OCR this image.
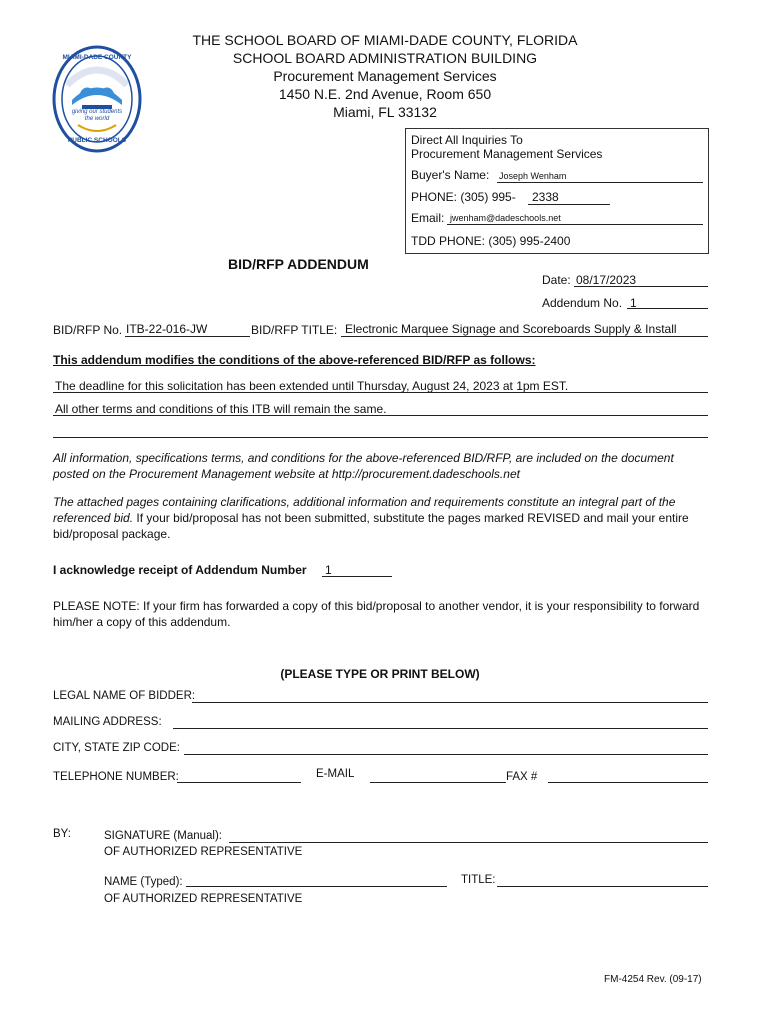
giving our students
the world
MIAMI-DADE COUNTY
PUBLIC SCHOOLS
THE SCHOOL BOARD OF MIAMI-DADE COUNTY, FLORIDA
SCHOOL BOARD ADMINISTRATION BUILDING
Procurement Management Services
1450 N.E. 2nd Avenue, Room 650
Miami, FL 33132
Direct All Inquiries To
Procurement Management Services
Buyer's Name: Joseph Wenham
PHONE: (305) 995- 2338
Email: jwenham@dadeschools.net
TDD PHONE: (305) 995-2400
BID/RFP ADDENDUM
Date: 08/17/2023
Addendum No. 1
BID/RFP No. ITB-22-016-JW	BID/RFP TITLE: Electronic Marquee Signage and Scoreboards Supply & Install
This addendum modifies the conditions of the above-referenced BID/RFP as follows:
The deadline for this solicitation has been extended until Thursday, August 24, 2023 at 1pm EST.
All other terms and conditions of this ITB will remain the same.
All information, specifications terms, and conditions for the above-referenced BID/RFP, are included on the document posted on the Procurement Management website at http://procurement.dadeschools.net
The attached pages containing clarifications, additional information and requirements constitute an integral part of the referenced bid. If your bid/proposal has not been submitted, substitute the pages marked REVISED and mail your entire bid/proposal package.
I acknowledge receipt of Addendum Number 1
PLEASE NOTE: If your firm has forwarded a copy of this bid/proposal to another vendor, it is your responsibility to forward him/her a copy of this addendum.
(PLEASE TYPE OR PRINT BELOW)
LEGAL NAME OF BIDDER:
MAILING ADDRESS:
CITY, STATE ZIP CODE:
TELEPHONE NUMBER:	E-MAIL	FAX #
BY:	SIGNATURE (Manual):
OF AUTHORIZED REPRESENTATIVE
NAME (Typed):
OF AUTHORIZED REPRESENTATIVE
TITLE:
FM-4254 Rev. (09-17)
